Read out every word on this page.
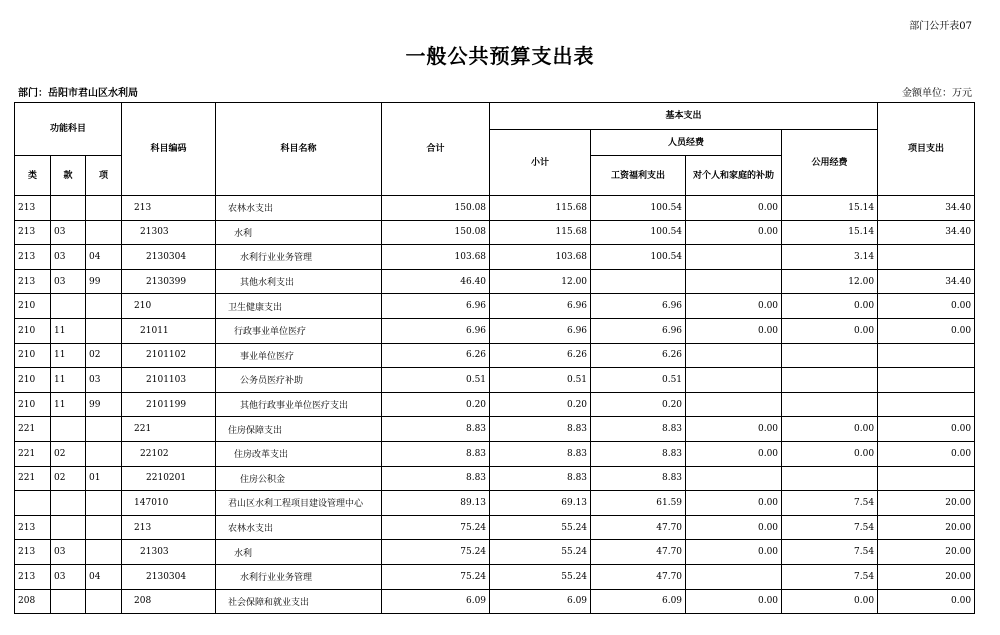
部门公开表07
一般公共预算支出表
部门：岳阳市君山区水利局	金额单位：万元
功能科目			科目编码	科目名称	合计	基本支出				项目支出
						小计	人员经费		公用经费	
类	款	项					工资福利支出	对个人和家庭的补助		
213			213	农林水支出	150.08	115.68	100.54	0.00	15.14	34.40
213	03		21303	水利	150.08	115.68	100.54	0.00	15.14	34.40
213	03	04	2130304	水利行业业务管理	103.68	103.68	100.54		3.14	
213	03	99	2130399	其他水利支出	46.40	12.00			12.00	34.40
210			210	卫生健康支出	6.96	6.96	6.96	0.00	0.00	0.00
210	11		21011	行政事业单位医疗	6.96	6.96	6.96	0.00	0.00	0.00
210	11	02	2101102	事业单位医疗	6.26	6.26	6.26			
210	11	03	2101103	公务员医疗补助	0.51	0.51	0.51			
210	11	99	2101199	其他行政事业单位医疗支出	0.20	0.20	0.20			
221			221	住房保障支出	8.83	8.83	8.83	0.00	0.00	0.00
221	02		22102	住房改革支出	8.83	8.83	8.83	0.00	0.00	0.00
221	02	01	2210201	住房公积金	8.83	8.83	8.83			
			147010	君山区水利工程项目建设管理中心	89.13	69.13	61.59	0.00	7.54	20.00
213			213	农林水支出	75.24	55.24	47.70	0.00	7.54	20.00
213	03		21303	水利	75.24	55.24	47.70	0.00	7.54	20.00
213	03	04	2130304	水利行业业务管理	75.24	55.24	47.70		7.54	20.00
208			208	社会保障和就业支出	6.09	6.09	6.09	0.00	0.00	0.00
